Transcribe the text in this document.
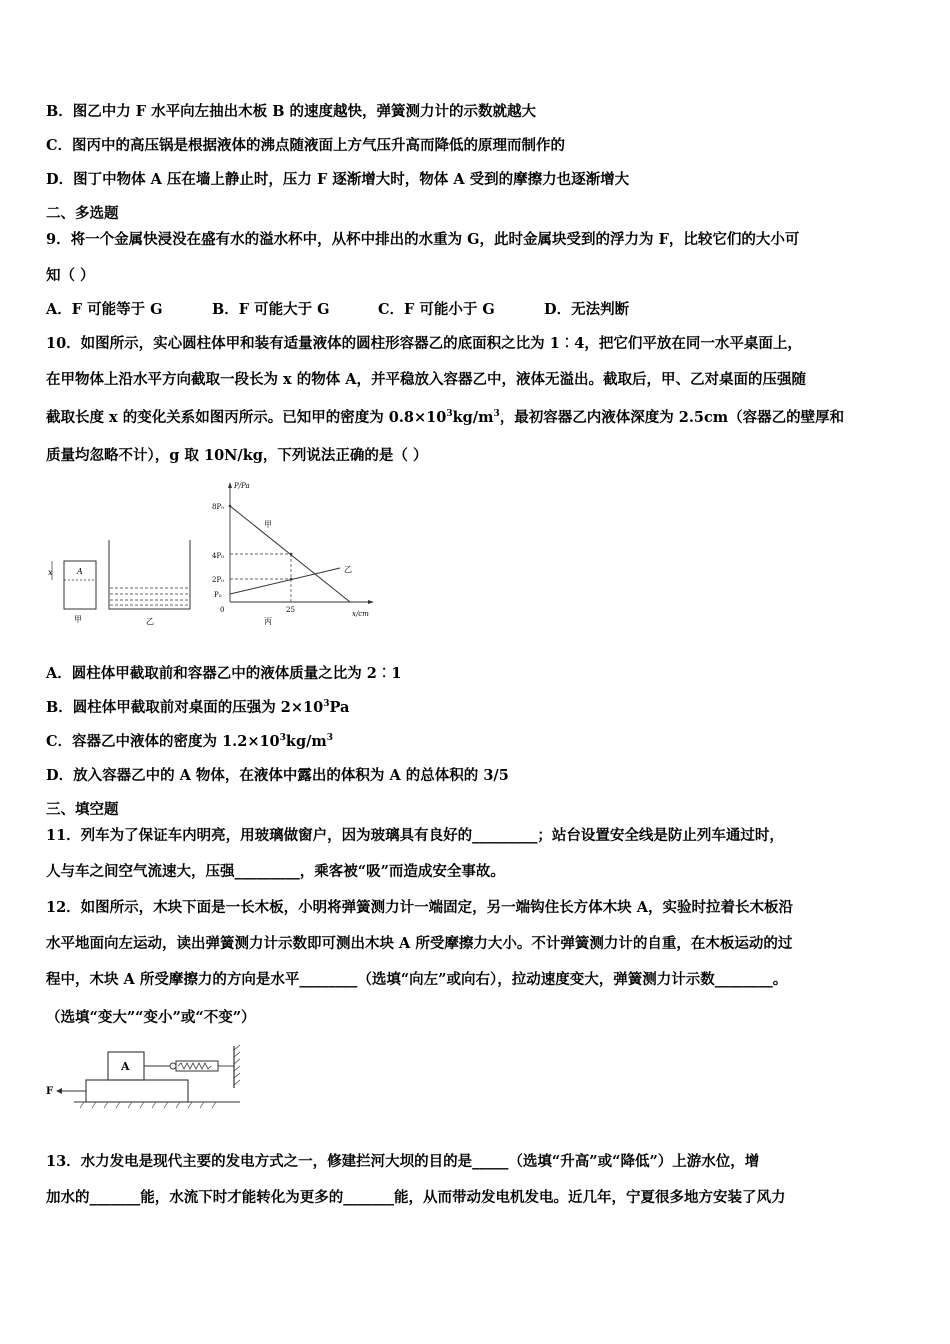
B．图乙中力 F 水平向左抽出木板 B 的速度越快，弹簧测力计的示数就越大
C．图丙中的高压锅是根据液体的沸点随液面上方气压升高而降低的原理而制作的
D．图丁中物体 A 压在墙上静止时，压力 F 逐渐增大时，物体 A 受到的摩擦力也逐渐增大
二、多选题
9．将一个金属快浸没在盛有水的溢水杯中，从杯中排出的水重为 G，此时金属块受到的浮力为 F，比较它们的大小可
知（ ）
A．F 可能等于 G	B．F 可能大于 G	C．F 可能小于 G	D．无法判断
10．如图所示，实心圆柱体甲和装有适量液体的圆柱形容器乙的底面积之比为 1︰4，把它们平放在同一水平桌面上，
在甲物体上沿水平方向截取一段长为 x 的物体 A，并平稳放入容器乙中，液体无溢出。截取后，甲、乙对桌面的压强随
截取长度 x 的变化关系如图丙所示。已知甲的密度为 $0.8\times 10^3kg/m^3$，最初容器乙内液体深度为 2.5cm（容器乙的壁厚和
质量均忽略不计），g 取 10N/kg，下列说法正确的是（ ）
x	A
甲	乙
P/Pa
x/cm
0
8P₀
4P₀
2P₀
P₀
25
甲
乙
丙
A．圆柱体甲截取前和容器乙中的液体质量之比为 2︰1
B．圆柱体甲截取前对桌面的压强为 $2\times 10^3Pa$
C．容器乙中液体的密度为 $1.2\times 10^3kg/m^3$
D．放入容器乙中的 A 物体，在液体中露出的体积为 A 的总体积的 3/5
三、填空题
11．列车为了保证车内明亮，用玻璃做窗户，因为玻璃具有良好的_________；站台设置安全线是防止列车通过时，
人与车之间空气流速大，压强_________，乘客被“吸”而造成安全事故。
12．如图所示，木块下面是一长木板，小明将弹簧测力计一端固定，另一端钩住长方体木块 A，实验时拉着长木板沿
水平地面向左运动，读出弹簧测力计示数即可测出木块 A 所受摩擦力大小。不计弹簧测力计的自重，在木板运动的过
程中，木块 A 所受摩擦力的方向是水平________（选填“向左”或向右），拉动速度变大，弹簧测力计示数________。
（选填“变大”“变小”或“不变”）
A
F
13．水力发电是现代主要的发电方式之一，修建拦河大坝的目的是_____（选填“升高”或“降低”）上游水位，增
加水的_______能，水流下时才能转化为更多的_______能，从而带动发电机发电。近几年，宁夏很多地方安装了风力
